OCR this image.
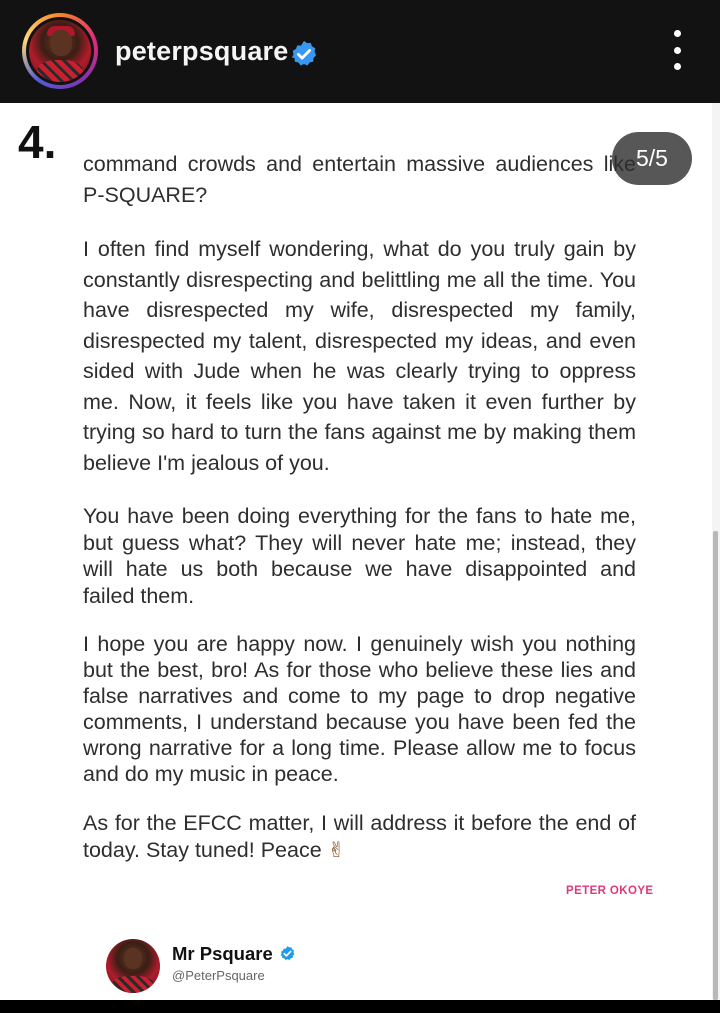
peterpsquare
4.	5/5
command crowds and entertain massive audiences like P-SQUARE?
I often find myself wondering, what do you truly gain by constantly disrespecting and belittling me all the time. You have disrespected my wife, disrespected my family, disrespected my talent, disrespected my ideas, and even sided with Jude when he was clearly trying to oppress me. Now, it feels like you have taken it even further by trying so hard to turn the fans against me by making them believe I'm jealous of you.
You have been doing everything for the fans to hate me, but guess what? They will never hate me; instead, they will hate us both because we have disappointed and failed them.
I hope you are happy now. I genuinely wish you nothing but the best, bro! As for those who believe these lies and false narratives and come to my page to drop negative comments, I understand because you have been fed the wrong narrative for a long time. Please allow me to focus and do my music in peace.
As for the EFCC matter, I will address it before the end of today. Stay tuned! Peace ✌
PETER OKOYE
Mr Psquare
@PeterPsquare
